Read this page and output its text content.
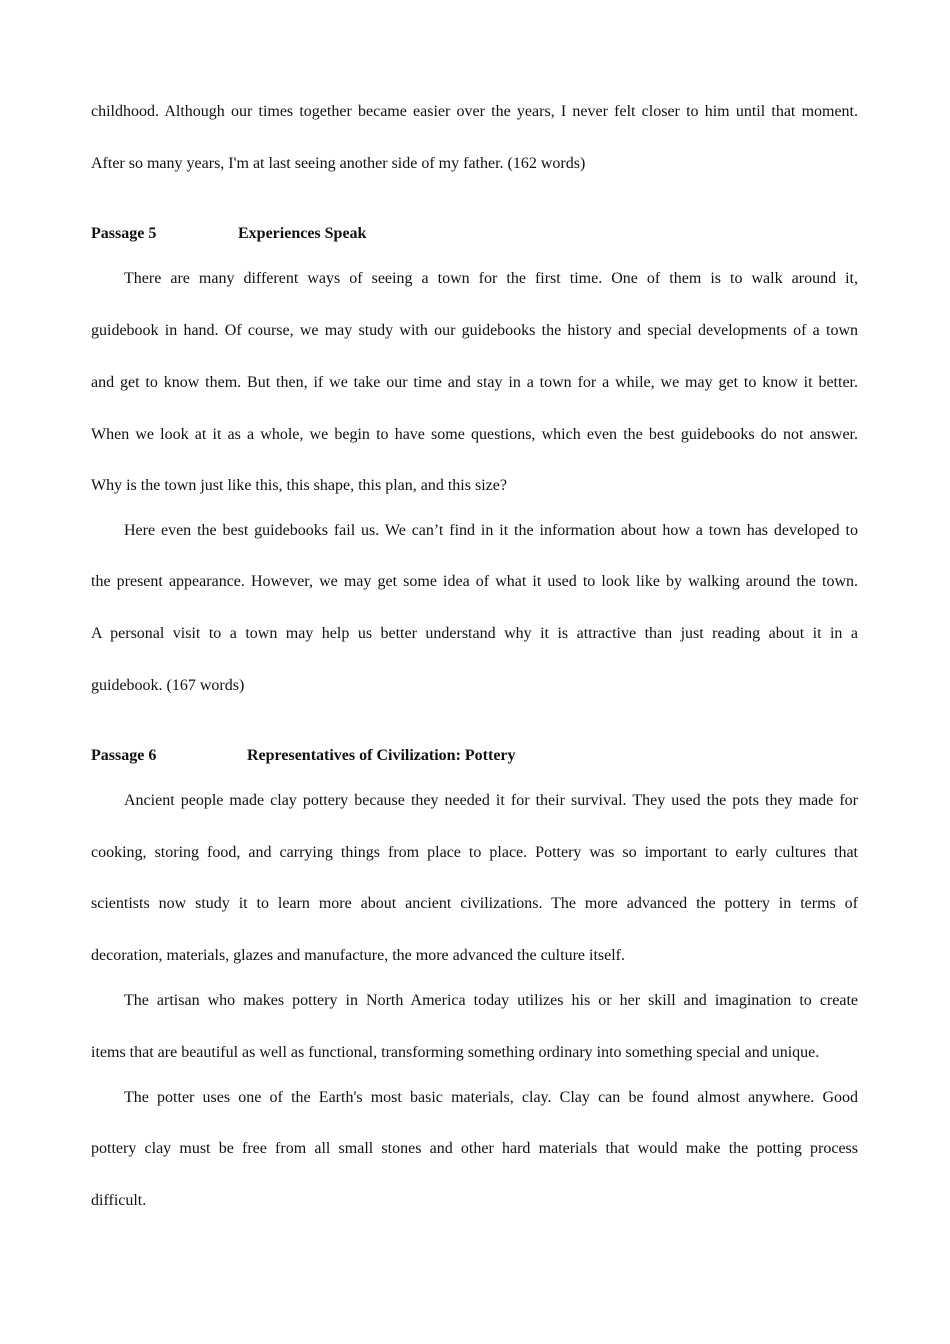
childhood. Although our times together became easier over the years, I never felt closer to him until that moment.

After so many years, I'm at last seeing another side of my father. (162 words)

Passage 5	Experiences Speak

There are many different ways of seeing a town for the first time. One of them is to walk around it,

guidebook in hand. Of course, we may study with our guidebooks the history and special developments of a town

and get to know them. But then, if we take our time and stay in a town for a while, we may get to know it better.

When we look at it as a whole, we begin to have some questions, which even the best guidebooks do not answer.

Why is the town just like this, this shape, this plan, and this size?

Here even the best guidebooks fail us. We can’t find in it the information about how a town has developed to

the present appearance. However, we may get some idea of what it used to look like by walking around the town.

A personal visit to a town may help us better understand why it is attractive than just reading about it in a

guidebook. (167 words)

Passage 6	Representatives of Civilization: Pottery

Ancient people made clay pottery because they needed it for their survival. They used the pots they made for

cooking, storing food, and carrying things from place to place. Pottery was so important to early cultures that

scientists now study it to learn more about ancient civilizations. The more advanced the pottery in terms of

decoration, materials, glazes and manufacture, the more advanced the culture itself.

The artisan who makes pottery in North America today utilizes his or her skill and imagination to create

items that are beautiful as well as functional, transforming something ordinary into something special and unique.

The potter uses one of the Earth's most basic materials, clay. Clay can be found almost anywhere. Good

pottery clay must be free from all small stones and other hard materials that would make the potting process

difficult.
